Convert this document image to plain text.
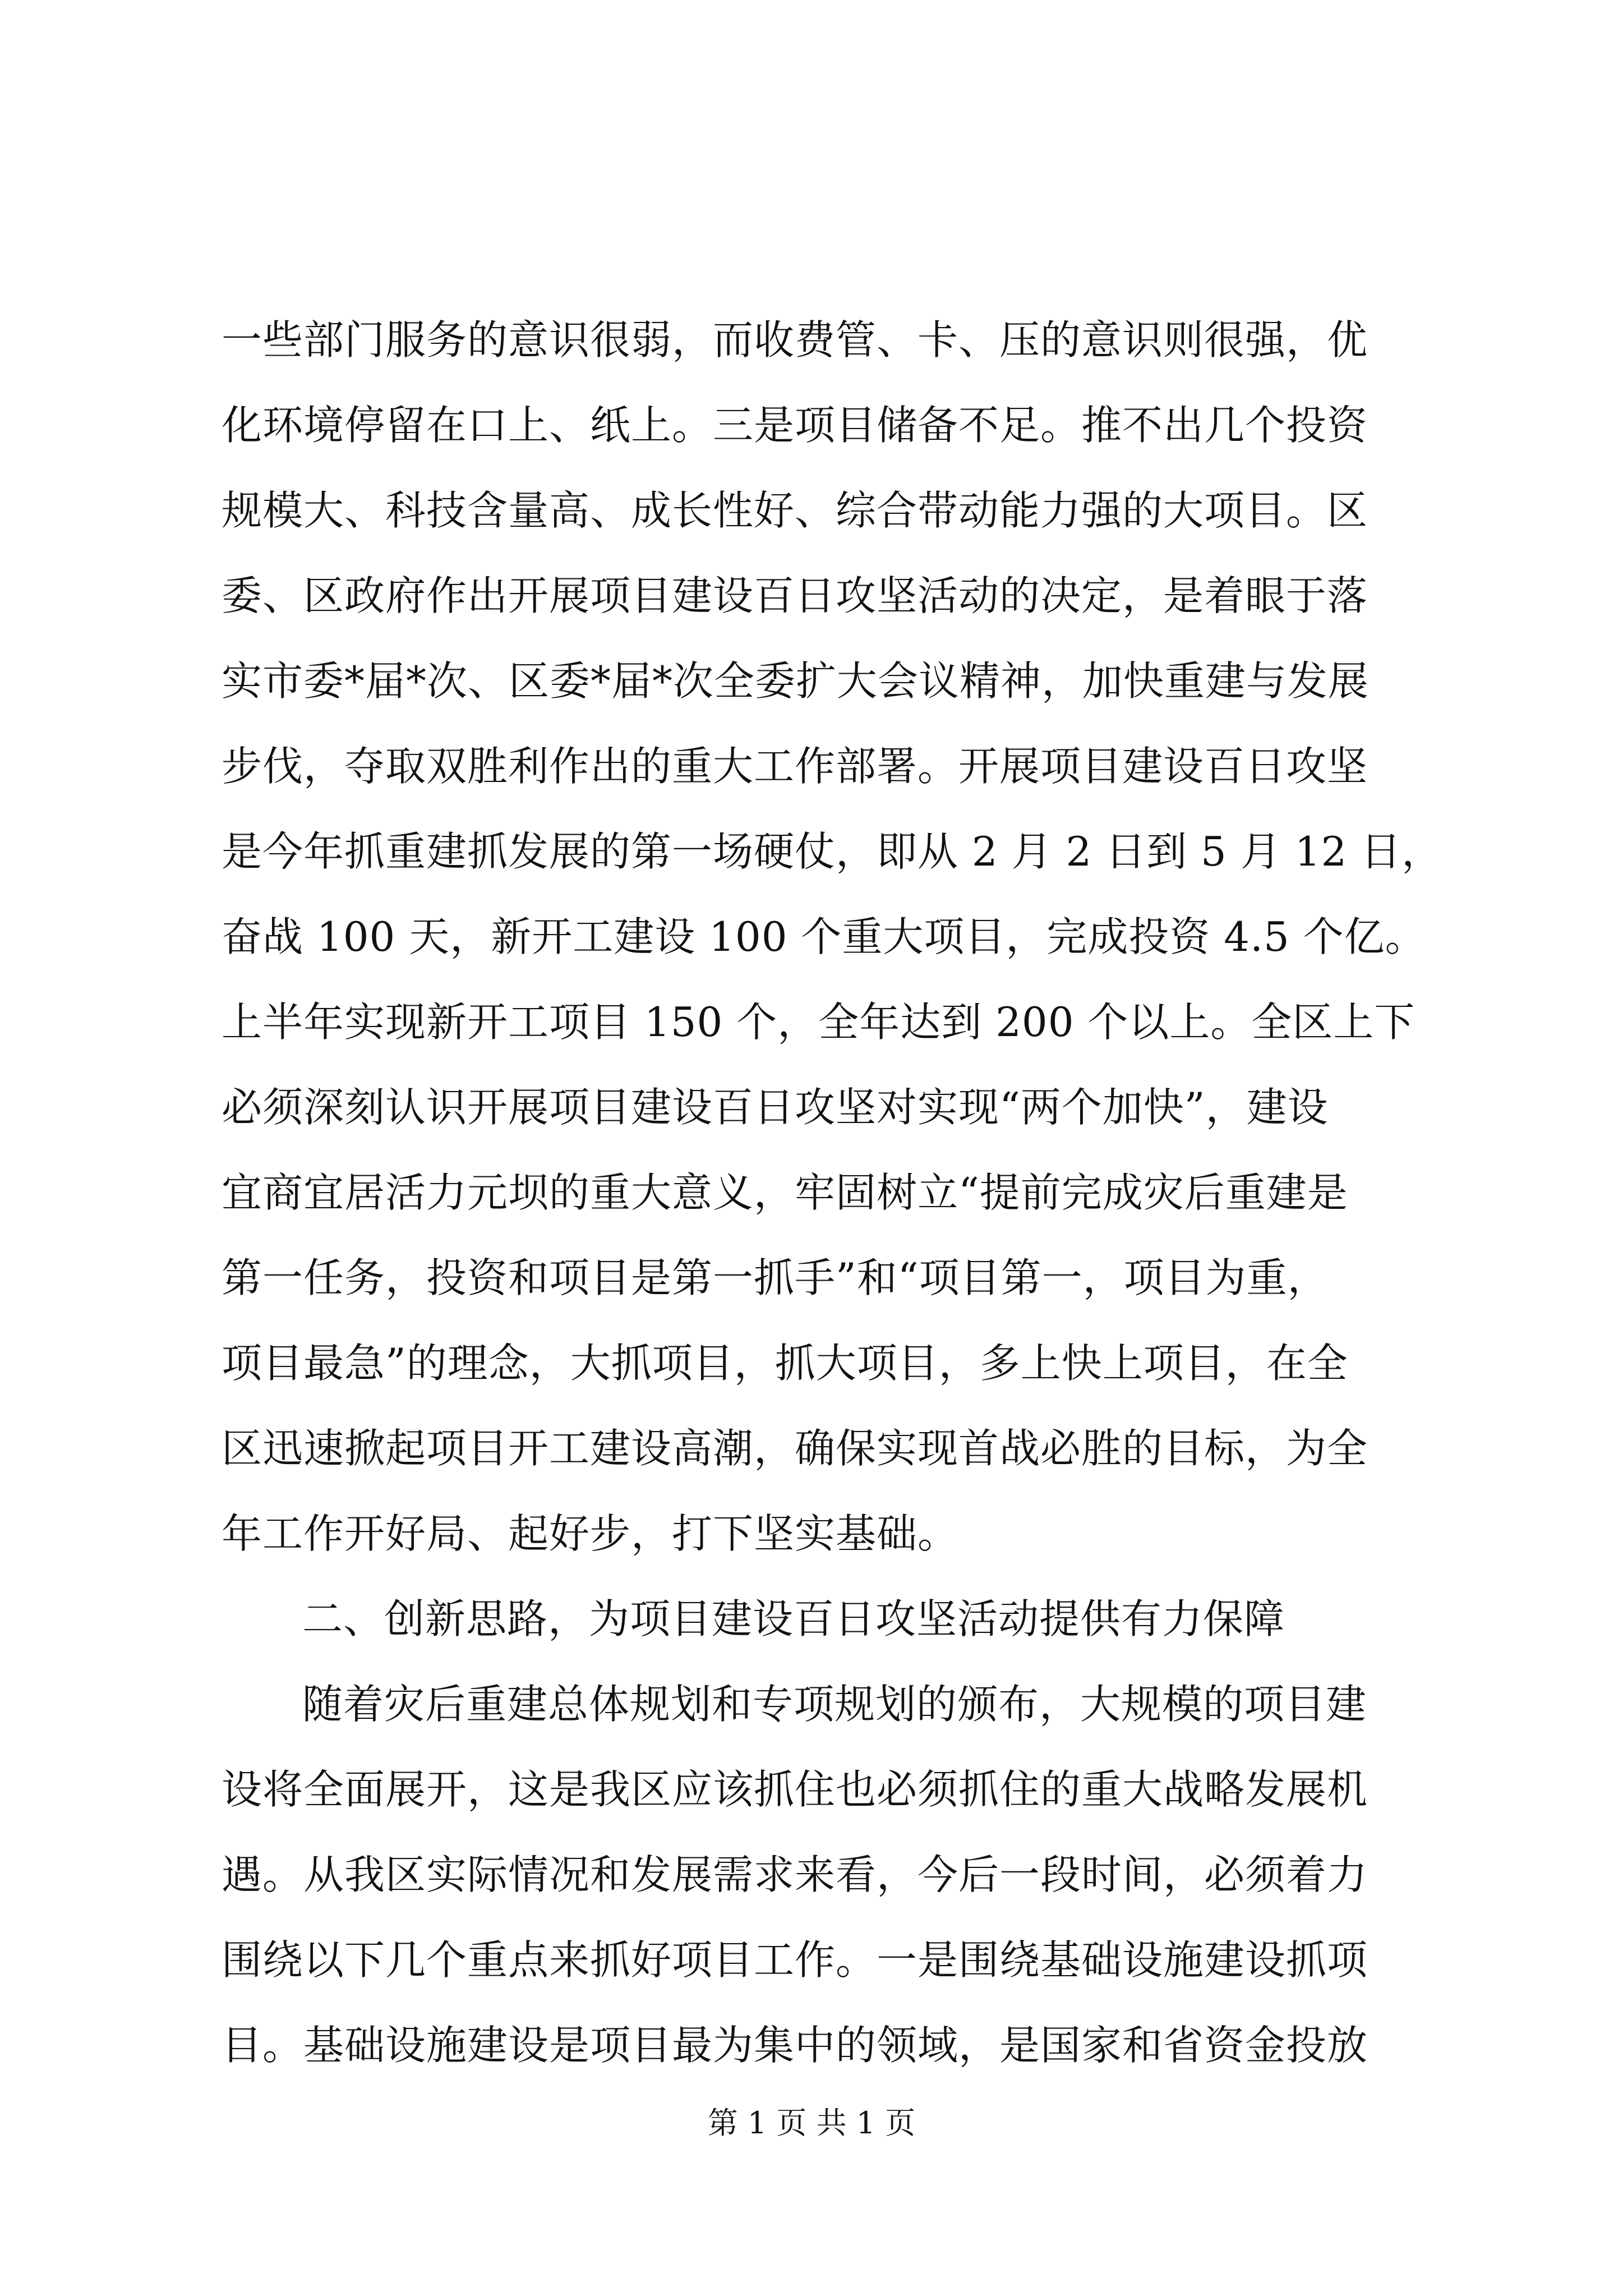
一些部门服务的意识很弱，而收费管、卡、压的意识则很强，优
化环境停留在口上、纸上。三是项目储备不足。推不出几个投资
规模大、科技含量高、成长性好、综合带动能力强的大项目。区
委、区政府作出开展项目建设百日攻坚活动的决定，是着眼于落
实市委*届*次、区委*届*次全委扩大会议精神，加快重建与发展
步伐，夺取双胜利作出的重大工作部署。开展项目建设百日攻坚
是今年抓重建抓发展的第一场硬仗，即从 2 月 2 日到 5 月 12 日，
奋战 100 天，新开工建设 100 个重大项目，完成投资 4.5 个亿。
上半年实现新开工项目 150 个，全年达到 200 个以上。全区上下
必须深刻认识开展项目建设百日攻坚对实现“两个加快”，建设
宜商宜居活力元坝的重大意义，牢固树立“提前完成灾后重建是
第一任务，投资和项目是第一抓手”和“项目第一，项目为重，
项目最急”的理念，大抓项目，抓大项目，多上快上项目，在全
区迅速掀起项目开工建设高潮，确保实现首战必胜的目标，为全
年工作开好局、起好步，打下坚实基础。
二、创新思路，为项目建设百日攻坚活动提供有力保障
随着灾后重建总体规划和专项规划的颁布，大规模的项目建
设将全面展开，这是我区应该抓住也必须抓住的重大战略发展机
遇。从我区实际情况和发展需求来看，今后一段时间，必须着力
围绕以下几个重点来抓好项目工作。一是围绕基础设施建设抓项
目。基础设施建设是项目最为集中的领域，是国家和省资金投放
第 1 页 共 1 页
